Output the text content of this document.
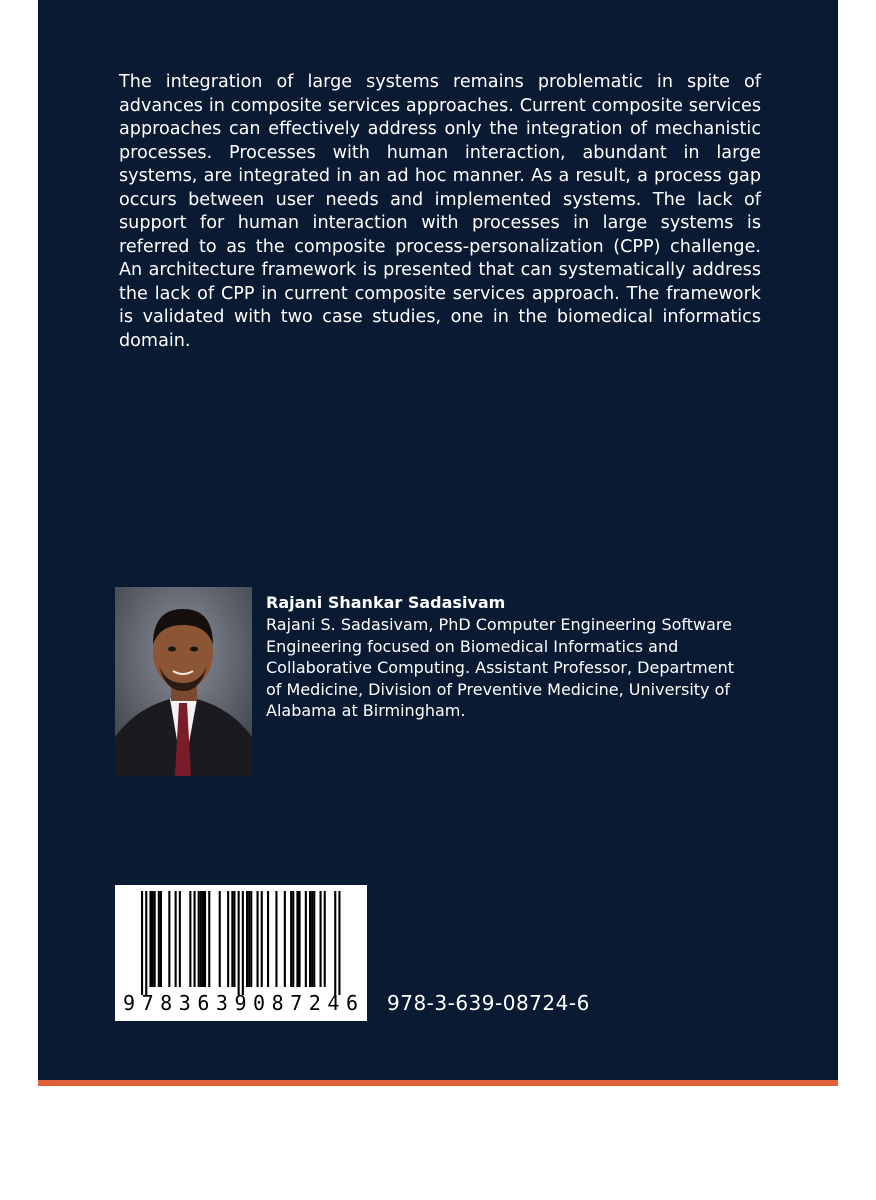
The integration of large systems remains problematic in spite of advances in composite services approaches. Current composite services approaches can effectively address only the integration of mechanistic processes. Processes with human interaction, abundant in large systems, are integrated in an ad hoc manner. As a result, a process gap occurs between user needs and implemented systems. The lack of support for human interaction with processes in large systems is referred to as the composite process-personalization (CPP) challenge. An architecture framework is presented that can systematically address the lack of CPP in current composite services approach. The framework is validated with two case studies, one in the biomedical informatics domain.

Rajani Shankar Sadasivam

Rajani S. Sadasivam, PhD Computer Engineering Software Engineering focused on Biomedical Informatics and Collaborative Computing. Assistant Professor, Department of Medicine, Division of Preventive Medicine, University of Alabama at Birmingham.

9 7 8 3 6 3 9 0 8 7 2 4 6 978-3-639-08724-6
